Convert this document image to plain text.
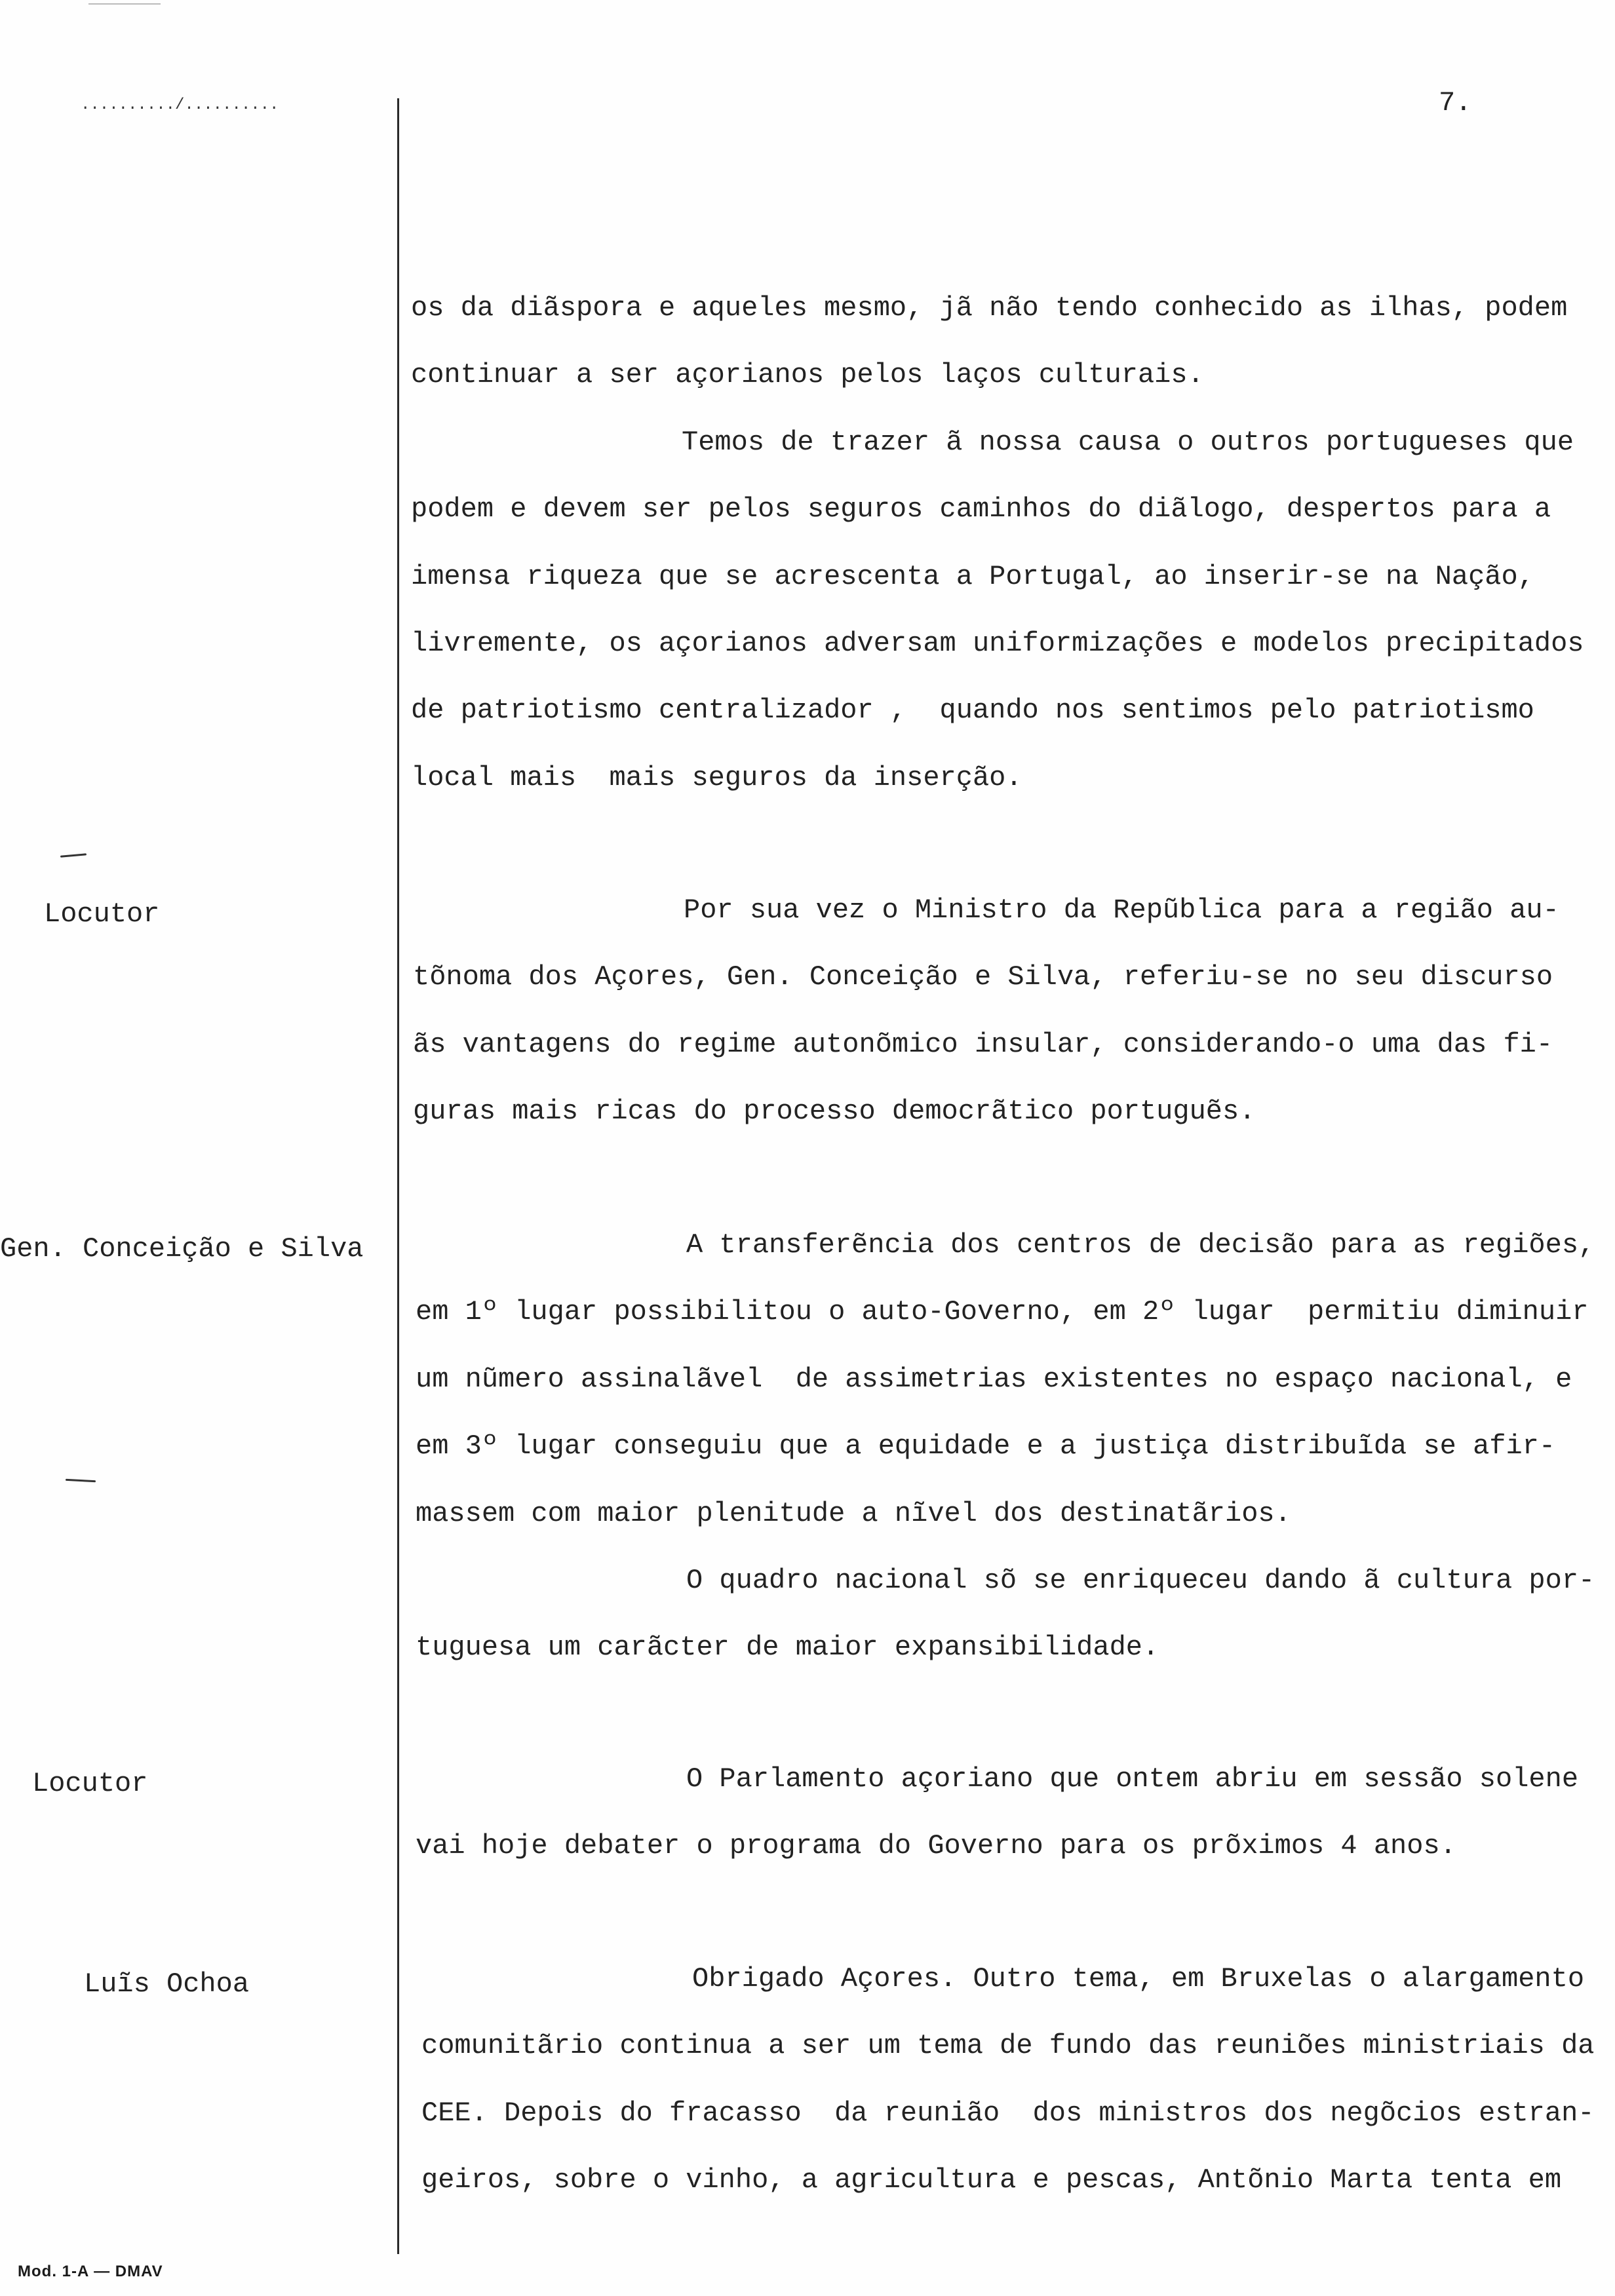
........../..........	7.
Locutor
Gen. Conceição e Silva
Locutor
Luĩs Ochoa
os da diãspora e aqueles mesmo, jã não tendo conhecido as ilhas, podem
continuar a ser açorianos pelos laços culturais.
Temos de trazer ã nossa causa o outros portugueses que
podem e devem ser pelos seguros caminhos do diãlogo, despertos para a
imensa riqueza que se acrescenta a Portugal, ao inserir-se na Nação,
livremente, os açorianos adversam uniformizações e modelos precipitados
de patriotismo centralizador ,  quando nos sentimos pelo patriotismo
local mais  mais seguros da inserção.
Por sua vez o Ministro da Repũblica para a região au-
tõnoma dos Açores, Gen. Conceição e Silva, referiu-se no seu discurso
ãs vantagens do regime autonõmico insular, considerando-o uma das fi-
guras mais ricas do processo democrãtico portuguẽs.
A transferẽncia dos centros de decisão para as regiões,
em 1º lugar possibilitou o auto-Governo, em 2º lugar  permitiu diminuir
um nũmero assinalãvel  de assimetrias existentes no espaço nacional, e
em 3º lugar conseguiu que a equidade e a justiça distribuĩda se afir-
massem com maior plenitude a nĩvel dos destinatãrios.
O quadro nacional sõ se enriqueceu dando ã cultura por-
tuguesa um carãcter de maior expansibilidade.
O Parlamento açoriano que ontem abriu em sessão solene
vai hoje debater o programa do Governo para os prõximos 4 anos.
Obrigado Açores. Outro tema, em Bruxelas o alargamento
comunitãrio continua a ser um tema de fundo das reuniões ministriais da
CEE. Depois do fracasso  da reunião  dos ministros dos negõcios estran-
geiros, sobre o vinho, a agricultura e pescas, Antõnio Marta tenta em
Mod. 1-A — DMAV
